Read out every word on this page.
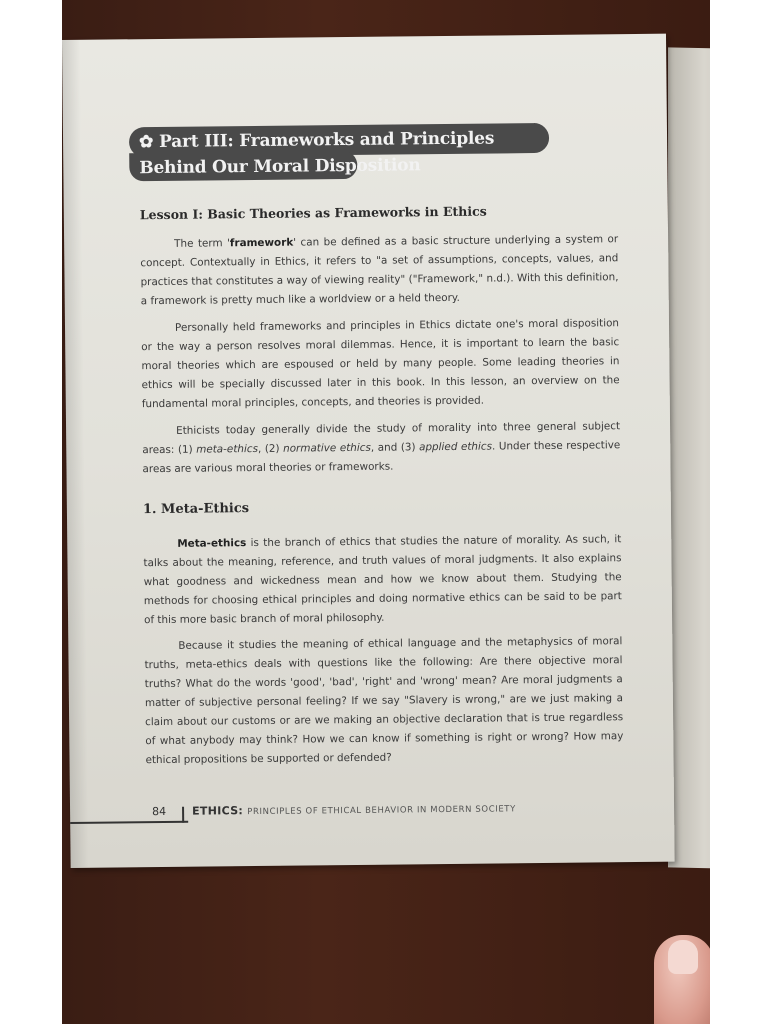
✿ Part III: Frameworks and Principles Behind Our Moral Disposition
Lesson I: Basic Theories as Frameworks in Ethics

The term 'framework' can be defined as a basic structure underlying a system or concept. Contextually in Ethics, it refers to "a set of assumptions, concepts, values, and practices that constitutes a way of viewing reality" ("Framework," n.d.). With this definition, a framework is pretty much like a worldview or a held theory.

Personally held frameworks and principles in Ethics dictate one's moral disposition or the way a person resolves moral dilemmas. Hence, it is important to learn the basic moral theories which are espoused or held by many people. Some leading theories in ethics will be specially discussed later in this book. In this lesson, an overview on the fundamental moral principles, concepts, and theories is provided.

Ethicists today generally divide the study of morality into three general subject areas: (1) meta-ethics, (2) normative ethics, and (3) applied ethics. Under these respective areas are various moral theories or frameworks.

1. Meta-Ethics

Meta-ethics is the branch of ethics that studies the nature of morality. As such, it talks about the meaning, reference, and truth values of moral judgments. It also explains what goodness and wickedness mean and how we know about them. Studying the methods for choosing ethical principles and doing normative ethics can be said to be part of this more basic branch of moral philosophy.

Because it studies the meaning of ethical language and the metaphysics of moral truths, meta-ethics deals with questions like the following: Are there objective moral truths? What do the words 'good', 'bad', 'right' and 'wrong' mean? Are moral judgments a matter of subjective personal feeling? If we say "Slavery is wrong," are we just making a claim about our customs or are we making an objective declaration that is true regardless of what anybody may think? How we can know if something is right or wrong? How may ethical propositions be supported or defended?

84 ETHICS: PRINCIPLES OF ETHICAL BEHAVIOR IN MODERN SOCIETY
